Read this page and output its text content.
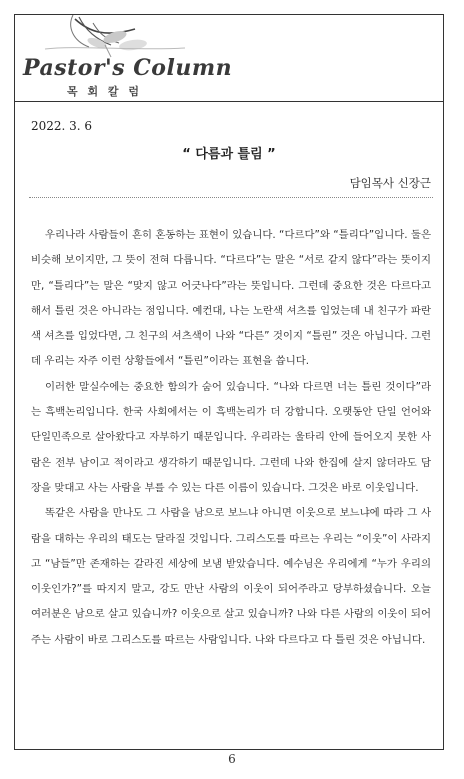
Pastor's Column
목 회 칼 럼
2022. 3. 6
“ 다름과 틀림 ”
담임목사 신장근

우리나라 사람들이 흔히 혼동하는 표현이 있습니다. “다르다”와 “틀리다”입니다. 둘은 비슷해 보이지만, 그 뜻이 전혀 다릅니다. “다르다”는 말은 “서로 같지 않다”라는 뜻이지만, “틀리다”는 말은 “맞지 않고 어긋나다”라는 뜻입니다. 그런데 중요한 것은 다르다고 해서 틀린 것은 아니라는 점입니다. 예컨대, 나는 노란색 셔츠를 입었는데 내 친구가 파란색 셔츠를 입었다면, 그 친구의 셔츠색이 나와 “다른” 것이지 “틀린” 것은 아닙니다. 그런데 우리는 자주 이런 상황들에서 “틀린”이라는 표현을 씁니다.

이러한 말실수에는 중요한 함의가 숨어 있습니다. “나와 다르면 너는 틀린 것이다”라는 흑백논리입니다. 한국 사회에서는 이 흑백논리가 더 강합니다. 오랫동안 단일 언어와 단일민족으로 살아왔다고 자부하기 때문입니다. 우리라는 울타리 안에 들어오지 못한 사람은 전부 남이고 적이라고 생각하기 때문입니다. 그런데 나와 한집에 살지 않더라도 담장을 맞대고 사는 사람을 부를 수 있는 다른 이름이 있습니다. 그것은 바로 이웃입니다.

똑같은 사람을 만나도 그 사람을 남으로 보느냐 아니면 이웃으로 보느냐에 따라 그 사람을 대하는 우리의 태도는 달라질 것입니다. 그리스도를 따르는 우리는 “이웃”이 사라지고 “남들”만 존재하는 갈라진 세상에 보냄 받았습니다. 예수님은 우리에게 “누가 우리의 이웃인가?”를 따지지 말고, 강도 만난 사람의 이웃이 되어주라고 당부하셨습니다. 오늘 여러분은 남으로 살고 있습니까? 이웃으로 살고 있습니까? 나와 다른 사람의 이웃이 되어주는 사람이 바로 그리스도를 따르는 사람입니다. 나와 다르다고 다 틀린 것은 아닙니다.

6
